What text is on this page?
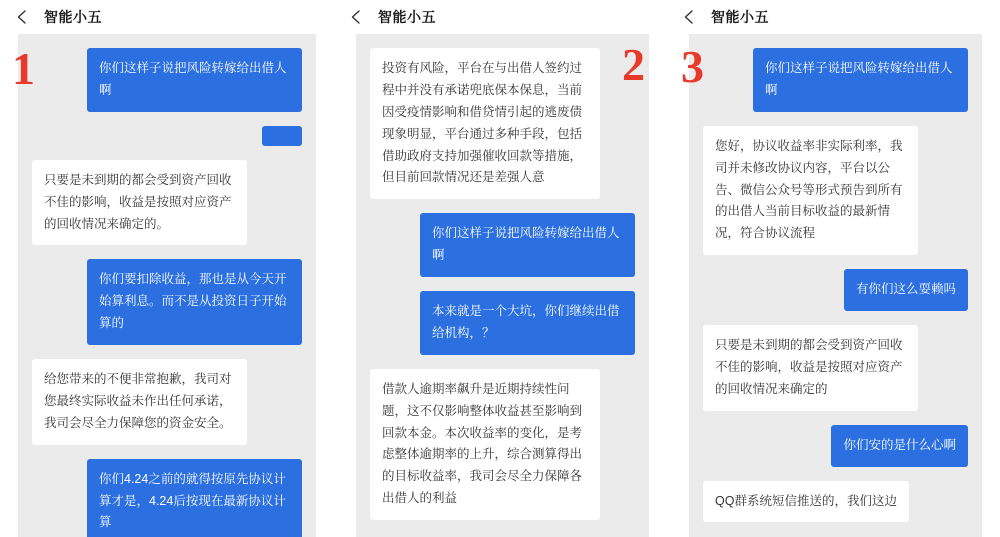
智能小五
1	你们这样子说把风险转嫁给出借人啊
只要是未到期的都会受到资产回收不佳的影响，收益是按照对应资产的回收情况来确定的。
你们要扣除收益，那也是从今天开始算利息。而不是从投资日子开始算的
给您带来的不便非常抱歉，我司对您最终实际收益未作出任何承诺，我司会尽全力保障您的资金安全。
你们4.24之前的就得按原先协议计算才是，4.24后按现在最新协议计算
智能小五
2
投资有风险，平台在与出借人签约过程中并没有承诺兜底保本保息，当前因受疫情影响和借贷情引起的逃废债现象明显，平台通过多种手段，包括借助政府支持加强催收回款等措施，但目前回款情况还是差强人意
你们这样子说把风险转嫁给出借人啊
本来就是一个大坑，你们继续出借给机构，？
借款人逾期率飙升是近期持续性问题，这不仅影响整体收益甚至影响到回款本金。本次收益率的变化，是考虑整体逾期率的上升，综合测算得出的目标收益率，我司会尽全力保障各出借人的利益
智能小五
3	你们这样子说把风险转嫁给出借人啊
您好，协议收益率非实际利率，我司并未修改协议内容，平台以公告、微信公众号等形式预告到所有的出借人当前目标收益的最新情况，符合协议流程
有你们这么耍赖吗
只要是未到期的都会受到资产回收不佳的影响，收益是按照对应资产的回收情况来确定的
你们安的是什么心啊
QQ群系统短信推送的，我们这边
